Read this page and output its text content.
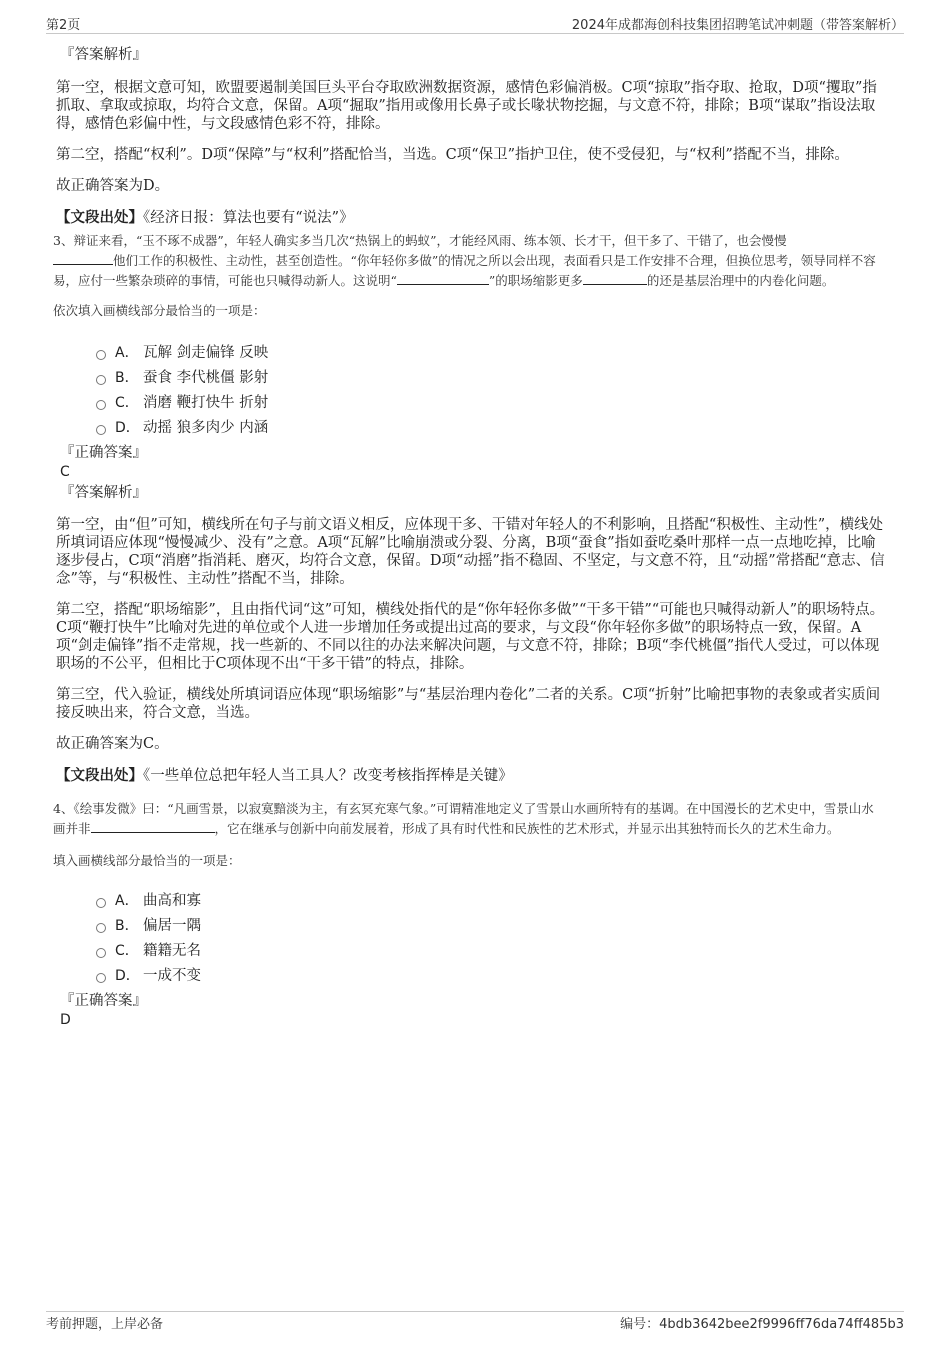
第2页	2024年成都海创科技集团招聘笔试冲刺题（带答案解析）

『答案解析』

第一空，根据文意可知，欧盟要遏制美国巨头平台夺取欧洲数据资源，感情色彩偏消极。C项“掠取”指夺取、抢取，D项“攫取”指抓取、拿取或掠取，均符合文意，保留。A项“掘取”指用或像用长鼻子或长喙状物挖掘，与文意不符，排除；B项“谋取”指设法取得，感情色彩偏中性，与文段感情色彩不符，排除。

第二空，搭配“权利”。D项“保障”与“权利”搭配恰当，当选。C项“保卫”指护卫住，使不受侵犯，与“权利”搭配不当，排除。

故正确答案为D。

【文段出处】《经济日报：算法也要有“说法”》

3、辩证来看，“玉不琢不成器”，年轻人确实多当几次“热锅上的蚂蚁”，才能经风雨、练本领、长才干，但干多了、干错了，也会慢慢
他们工作的积极性、主动性，甚至创造性。“你年轻你多做”的情况之所以会出现，表面看只是工作安排不合理，但换位思考，领导同样不容易，应付一些繁杂琐碎的事情，可能也只喊得动新人。这说明“	”的职场缩影更多	的还是基层治理中的内卷化问题。

依次填入画横线部分最恰当的一项是：

A． 瓦解 剑走偏锋 反映
B． 蚕食 李代桃僵 影射
C． 消磨 鞭打快牛 折射
D． 动摇 狼多肉少 内涵

『正确答案』

C

『答案解析』

第一空，由“但”可知，横线所在句子与前文语义相反，应体现干多、干错对年轻人的不利影响，且搭配“积极性、主动性”，横线处所填词语应体现“慢慢减少、没有”之意。A项“瓦解”比喻崩溃或分裂、分离，B项“蚕食”指如蚕吃桑叶那样一点一点地吃掉，比喻逐步侵占，C项“消磨”指消耗、磨灭，均符合文意，保留。D项“动摇”指不稳固、不坚定，与文意不符，且“动摇”常搭配“意志、信念”等，与“积极性、主动性”搭配不当，排除。

第二空，搭配“职场缩影”，且由指代词“这”可知，横线处指代的是“你年轻你多做”“干多干错”“可能也只喊得动新人”的职场特点。C项“鞭打快牛”比喻对先进的单位或个人进一步增加任务或提出过高的要求，与文段“你年轻你多做”的职场特点一致，保留。A项“剑走偏锋”指不走常规，找一些新的、不同以往的办法来解决问题，与文意不符，排除；B项“李代桃僵”指代人受过，可以体现职场的不公平，但相比于C项体现不出“干多干错”的特点，排除。

第三空，代入验证，横线处所填词语应体现“职场缩影”与“基层治理内卷化”二者的关系。C项“折射”比喻把事物的表象或者实质间接反映出来，符合文意，当选。

故正确答案为C。

【文段出处】《一些单位总把年轻人当工具人？改变考核指挥棒是关键》

4、《绘事发微》曰：“凡画雪景，以寂寞黯淡为主，有玄冥充寒气象。”可谓精准地定义了雪景山水画所特有的基调。在中国漫长的艺术史中，雪景山水画并非	，它在继承与创新中向前发展着，形成了具有时代性和民族性的艺术形式，并显示出其独特而长久的艺术生命力。

填入画横线部分最恰当的一项是：

A． 曲高和寡
B． 偏居一隅
C． 籍籍无名
D． 一成不变

『正确答案』

D

考前押题，上岸必备	编号：4bdb3642bee2f9996ff76da74ff485b3
